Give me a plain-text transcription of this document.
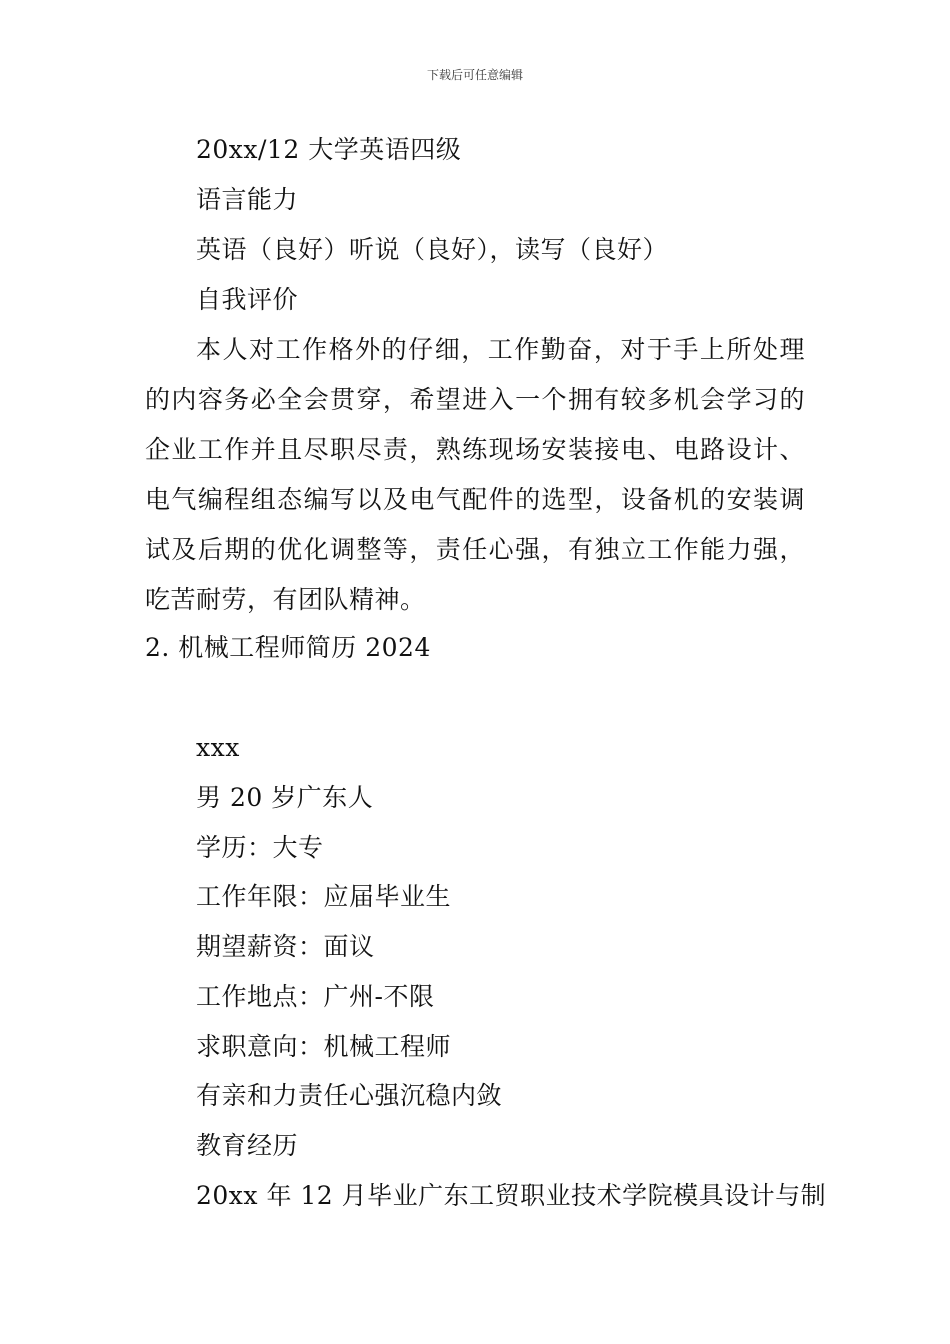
下载后可任意编辑
20xx/12 大学英语四级
语言能力
英语（良好）听说（良好），读写（良好）
自我评价
本人对工作格外的仔细，工作勤奋，对于手上所处理
的内容务必全会贯穿，希望进入一个拥有较多机会学习的
企业工作并且尽职尽责，熟练现场安装接电、电路设计、
电气编程组态编写以及电气配件的选型，设备机的安装调
试及后期的优化调整等，责任心强，有独立工作能力强，
吃苦耐劳，有团队精神。
2. 机械工程师简历 2024
xxx
男 20 岁广东人
学历：大专
工作年限：应届毕业生
期望薪资：面议
工作地点：广州-不限
求职意向：机械工程师
有亲和力责任心强沉稳内敛
教育经历
20xx 年 12 月毕业广东工贸职业技术学院模具设计与制
